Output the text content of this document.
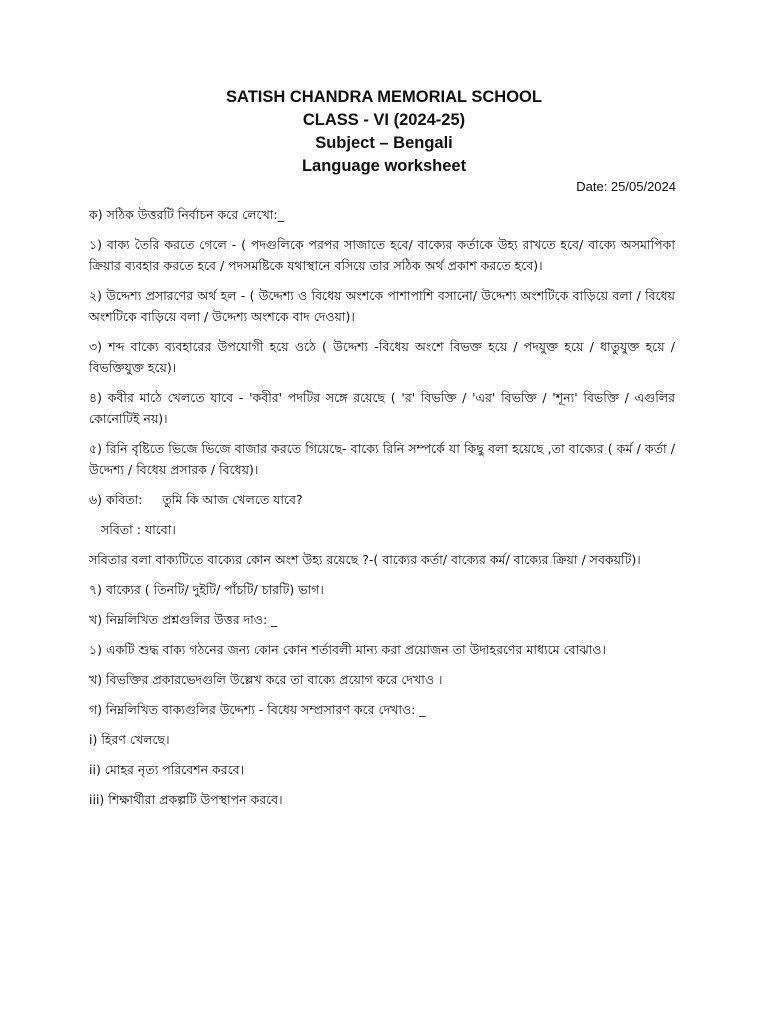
SATISH CHANDRA MEMORIAL SCHOOL
CLASS - VI (2024-25)
Subject – Bengali
Language worksheet
Date: 25/05/2024
ক) সঠিক উত্তরটি নির্বাচন করে লেখো:_
১) বাক্য তৈরি করতে গেলে - ( পদগুলিকে পরপর সাজাতে হবে/ বাক্যের কর্তাকে উহ্য রাখতে হবে/ বাক্যে অসমাপিকা ক্রিয়ার ব্যবহার করতে হবে / পদসমষ্টিকে যথাস্থানে বসিয়ে তার সঠিক অর্থ প্রকাশ করতে হবে)।
২) উদ্দেশ্য প্রসারণের অর্থ হল - ( উদ্দেশ্য ও বিধেয় অংশকে পাশাপাশি বসানো/ উদ্দেশ্য অংশটিকে বাড়িয়ে বলা / বিধেয় অংশটিকে বাড়িয়ে বলা / উদ্দেশ্য অংশকে বাদ দেওয়া)।
৩) শব্দ বাক্যে ব্যবহারের উপযোগী হয়ে ওঠে ( উদ্দেশ্য -বিধেয় অংশে বিভক্ত হয়ে / পদযুক্ত হয়ে / ধাতুযুক্ত হয়ে / বিভক্তিযুক্ত হয়ে)।
৪) কবীর মাঠে খেলতে যাবে - 'কবীর' পদটির সঙ্গে রয়েছে ( 'র' বিভক্তি / 'এর' বিভক্তি / 'শূন্য' বিভক্তি / এগুলির কোনোটিই নয়)।
৫) রিনি বৃষ্টিতে ভিজে ভিজে বাজার করতে গিয়েছে- বাক্যে রিনি সম্পর্কে যা কিছু বলা হয়েছে ,তা বাক্যের ( কর্ম / কর্তা / উদ্দেশ্য / বিধেয় প্রসারক / বিধেয়)।
৬) কবিতা:     তুমি কি আজ খেলতে যাবে?
সবিতা : যাবো।
সবিতার বলা বাক্যটিতে বাক্যের কোন অংশ উহ্য রয়েছে ?-( বাক্যের কর্তা/ বাক্যের কর্ম/ বাক্যের ক্রিয়া / সবকয়টি)।
৭) বাক্যের ( তিনটি/ দুইটি/ পাঁচটি/ চারটি) ভাগ।
খ) নিম্নলিখিত প্রশ্নগুলির উত্তর দাও: _
১) একটি শুদ্ধ বাক্য গঠনের জন্য কোন কোন শর্তাবলী মান্য করা প্রয়োজন তা উদাহরণের মাধ্যমে বোঝাও।
খ) বিভক্তির প্রকারভেদগুলি উল্লেখ করে তা বাক্যে প্রয়োগ করে দেখাও ।
গ) নিম্নলিখিত বাক্যগুলির উদ্দেশ্য - বিধেয় সম্প্রসারণ করে দেখাও: _
i) হিরণ খেলছে।
ii) মোহর নৃত্য পরিবেশন করবে।
iii) শিক্ষার্থীরা প্রকল্পটি উপস্থাপন করবে।
